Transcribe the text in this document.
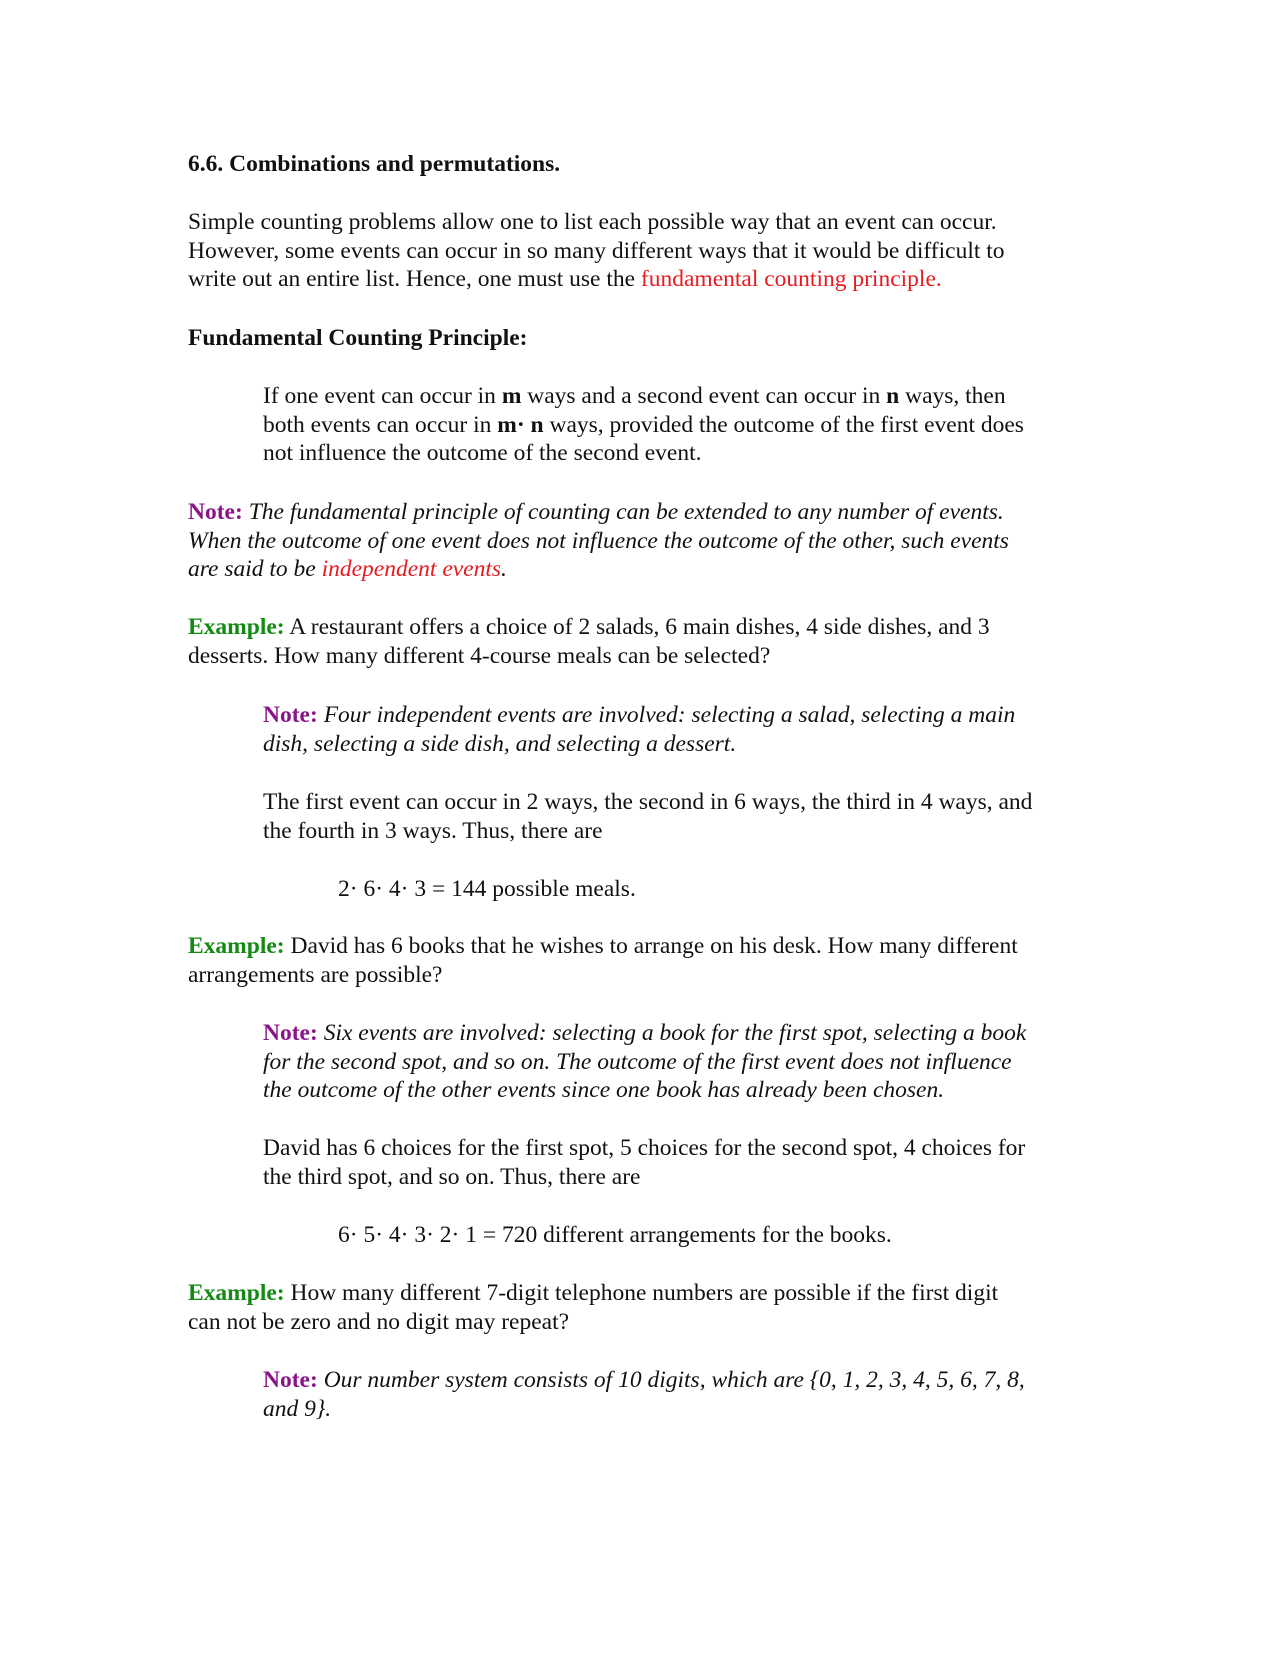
6.6. Combinations and permutations.
Simple counting problems allow one to list each possible way that an event can occur.
However, some events can occur in so many different ways that it would be difficult to
write out an entire list. Hence, one must use the fundamental counting principle.
Fundamental Counting Principle:
If one event can occur in m ways and a second event can occur in n ways, then
both events can occur in m· n ways, provided the outcome of the first event does
not influence the outcome of the second event.
Note: The fundamental principle of counting can be extended to any number of events.
When the outcome of one event does not influence the outcome of the other, such events
are said to be independent events.
Example: A restaurant offers a choice of 2 salads, 6 main dishes, 4 side dishes, and 3
desserts. How many different 4-course meals can be selected?
Note: Four independent events are involved: selecting a salad, selecting a main
dish, selecting a side dish, and selecting a dessert.
The first event can occur in 2 ways, the second in 6 ways, the third in 4 ways, and
the fourth in 3 ways. Thus, there are
2· 6· 4· 3 = 144 possible meals.
Example: David has 6 books that he wishes to arrange on his desk. How many different
arrangements are possible?
Note: Six events are involved: selecting a book for the first spot, selecting a book
for the second spot, and so on. The outcome of the first event does not influence
the outcome of the other events since one book has already been chosen.
David has 6 choices for the first spot, 5 choices for the second spot, 4 choices for
the third spot, and so on. Thus, there are
6· 5· 4· 3· 2· 1 = 720 different arrangements for the books.
Example: How many different 7-digit telephone numbers are possible if the first digit
can not be zero and no digit may repeat?
Note: Our number system consists of 10 digits, which are {0, 1, 2, 3, 4, 5, 6, 7, 8,
and 9}.
